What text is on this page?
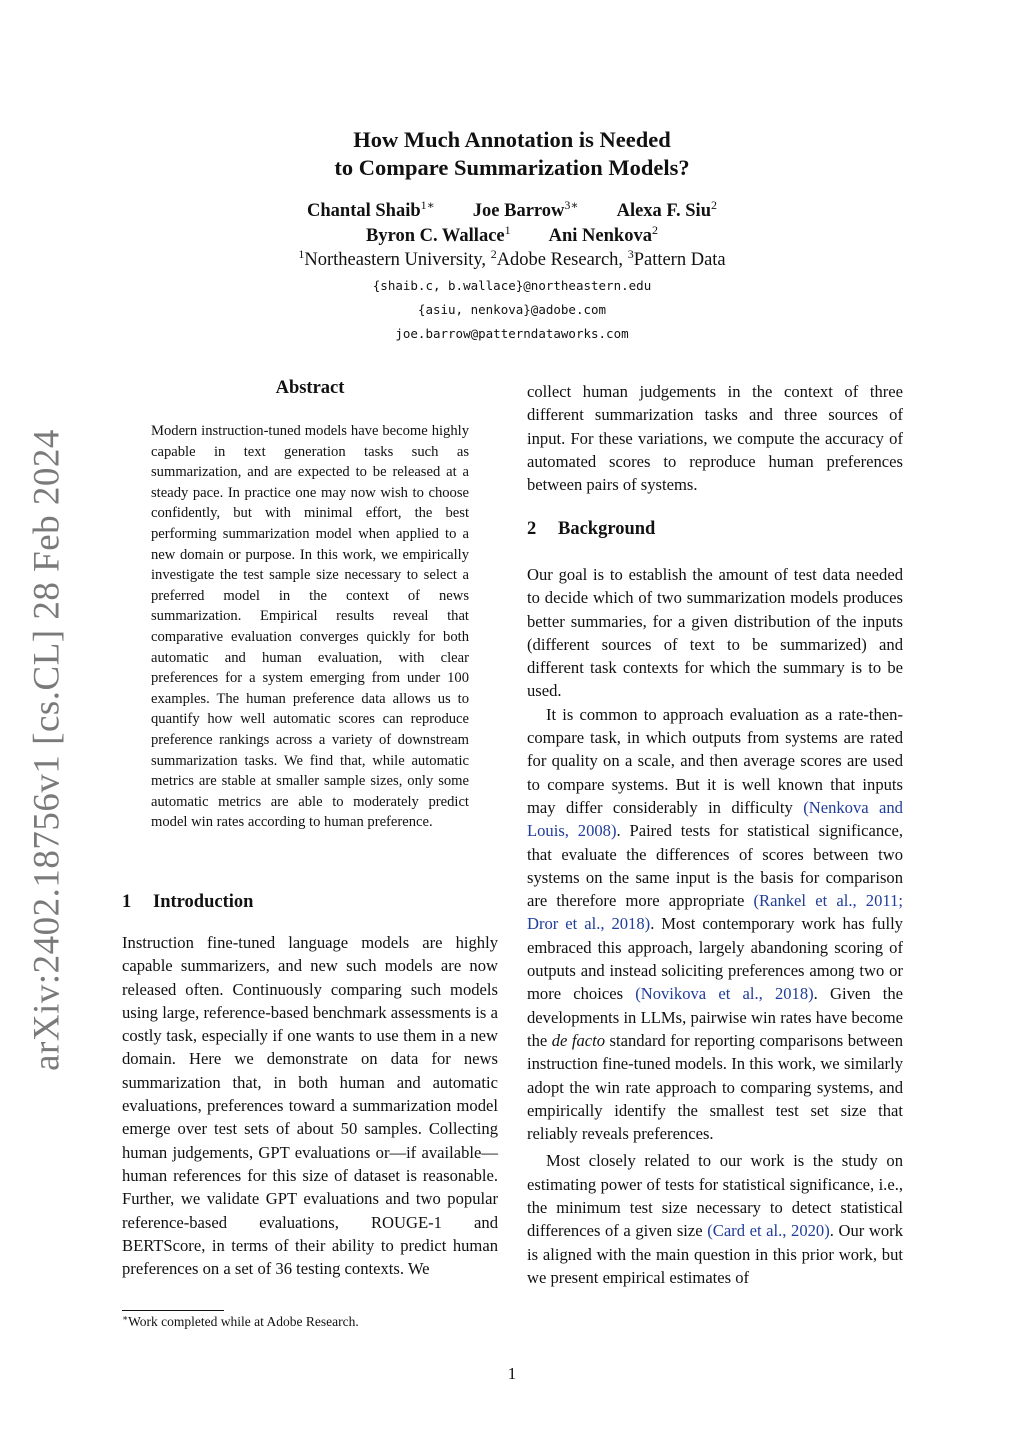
arXiv:2402.18756v1 [cs.CL] 28 Feb 2024
How Much Annotation is Needed
to Compare Summarization Models?
Chantal Shaib$^{1∗}$ Joe Barrow$^{3∗}$ Alexa F. Siu$^2$
Byron C. Wallace$^1$ Ani Nenkova$^2$
$^1$Northeastern University, $^2$Adobe Research, $^3$Pattern Data
{shaib.c, b.wallace}@northeastern.edu
{asiu, nenkova}@adobe.com
joe.barrow@patterndataworks.com
Abstract
Modern instruction-tuned models have become highly capable in text generation tasks such as summarization, and are expected to be released at a steady pace. In practice one may now wish to choose confidently, but with minimal effort, the best performing summarization model when applied to a new domain or purpose. In this work, we empirically investigate the test sample size necessary to select a preferred model in the context of news summarization. Empirical results reveal that comparative evaluation converges quickly for both automatic and human evaluation, with clear preferences for a system emerging from under 100 examples. The human preference data allows us to quantify how well automatic scores can reproduce preference rankings across a variety of downstream summarization tasks. We find that, while automatic metrics are stable at smaller sample sizes, only some automatic metrics are able to moderately predict model win rates according to human preference.
1 Introduction

Instruction fine-tuned language models are highly capable summarizers, and new such models are now released often. Continuously comparing such models using large, reference-based benchmark assessments is a costly task, especially if one wants to use them in a new domain. Here we demonstrate on data for news summarization that, in both human and automatic evaluations, preferences toward a summarization model emerge over test sets of about 50 samples. Collecting human judgements, GPT evaluations or—if available—human references for this size of dataset is reasonable. Further, we validate GPT evaluations and two popular reference-based evaluations, ROUGE-1 and BERTScore, in terms of their ability to predict human preferences on a set of 36 testing contexts. We

collect human judgements in the context of three different summarization tasks and three sources of input. For these variations, we compute the accuracy of automated scores to reproduce human preferences between pairs of systems.

2 Background

Our goal is to establish the amount of test data needed to decide which of two summarization models produces better summaries, for a given distribution of the inputs (different sources of text to be summarized) and different task contexts for which the summary is to be used.

It is common to approach evaluation as a rate-then-compare task, in which outputs from systems are rated for quality on a scale, and then average scores are used to compare systems. But it is well known that inputs may differ considerably in difficulty (Nenkova and Louis, 2008). Paired tests for statistical significance, that evaluate the differences of scores between two systems on the same input is the basis for comparison are therefore more appropriate (Rankel et al., 2011; Dror et al., 2018). Most contemporary work has fully embraced this approach, largely abandoning scoring of outputs and instead soliciting preferences among two or more choices (Novikova et al., 2018). Given the developments in LLMs, pairwise win rates have become the de facto standard for reporting comparisons between instruction fine-tuned models. In this work, we similarly adopt the win rate approach to comparing systems, and empirically identify the smallest test set size that reliably reveals preferences.

Most closely related to our work is the study on estimating power of tests for statistical significance, i.e., the minimum test size necessary to detect statistical differences of a given size (Card et al., 2020). Our work is aligned with the main question in this prior work, but we present empirical estimates of

∗Work completed while at Adobe Research.
1
